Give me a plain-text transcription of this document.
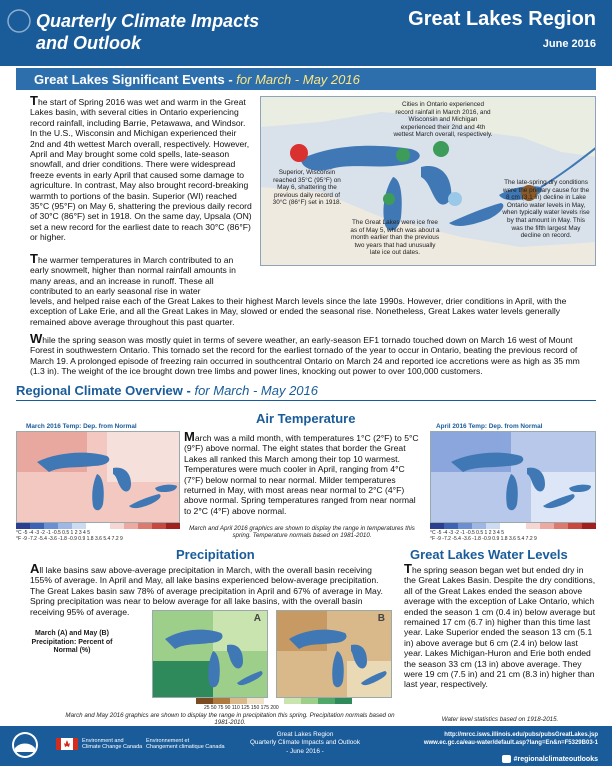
Quarterly Climate Impacts
and Outlook
Great Lakes Region
June 2016
Great Lakes Significant Events - for March - May 2016
The start of Spring 2016 was wet and warm in the Great Lakes basin, with several cities in Ontario experiencing record rainfall, including Barrie, Petawawa, and Windsor. In the U.S., Wisconsin and Michigan experienced their 2nd and 4th wettest March overall, respectively. However, April and May brought some cold spells, late-season snowfall, and drier conditions. There were widespread freeze events in early April that caused some damage to agriculture. In contrast, May also brought record-breaking warmth to portions of the basin. Superior (WI) reached 35°C (95°F) on May 6, shattering the previous daily record of 30°C (86°F) set in 1918. On the same day, Upsala (ON) set a new record for the earliest date to reach 30°C (86°F) or higher.
Cities in Ontario experienced record rainfall in March 2016, and Wisconsin and Michigan experienced their 2nd and 4th wettest March overall, respectively.
Superior, Wisconsin reached 35°C (95°F) on May 6, shattering the previous daily record of 30°C (86°F) set in 1918.
The Great Lakes were ice free as of May 5, which was about a month earlier than the previous two years that had unusually late ice out dates.
The late-spring dry conditions were the primary cause for the 8 cm (3.1 in) decline in Lake Ontario water levels in May, when typically water levels rise by that amount in May. This was the fifth largest May decline on record.
The warmer temperatures in March contributed to an early snowmelt, higher than normal rainfall amounts in many areas, and an increase in runoff. These all contributed to an early seasonal rise in water
levels, and helped raise each of the Great Lakes to their highest March levels since the late 1990s. However, drier conditions in April, with the exception of Lake Erie, and all the Great Lakes in May, slowed or ended the seasonal rise. Nonetheless, Great Lakes water levels generally remained above average throughout this past quarter.
While the spring season was mostly quiet in terms of severe weather, an early-season EF1 tornado touched down on March 16 west of Mount Forest in southwestern Ontario. This tornado set the record for the earliest tornado of the year to occur in Ontario, beating the previous record of March 19. A prolonged episode of freezing rain occurred in southcentral Ontario on March 24 and reported ice accretions were as high as 35 mm (1.3 in). The weight of the ice brought down tree limbs and power lines, knocking out power to over 100,000 customers.
Regional Climate Overview - for March - May 2016
Air Temperature
March 2016 Temp: Dep. from Normal
°C -5 -4 -3 -2 -1 -0.5 0.5 1 2 3 4 5
°F -9 -7.2 -5.4 -3.6 -1.8 -0.9 0.9 1.8 3.6 5.4 7.2 9
March was a mild month, with temperatures 1°C (2°F) to 5°C (9°F) above normal. The eight states that border the Great Lakes all ranked this March among their top 10 warmest. Temperatures were much cooler in April, ranging from 4°C (7°F) below normal to near normal. Milder temperatures returned in May, with most areas near normal to 2°C (4°F) above normal. Spring temperatures ranged from near normal to 2°C (4°F) above normal.
March and April 2016 graphics are shown to display the range in temperatures this spring. Temperature normals based on 1981-2010.
April 2016 Temp: Dep. from Normal
°C -5 -4 -3 -2 -1 -0.5 0.5 1 2 3 4 5
°F -9 -7.2 -5.4 -3.6 -1.8 -0.9 0.9 1.8 3.6 5.4 7.2 9
Precipitation
All lake basins saw above-average precipitation in March, with the overall basin receiving 155% of average. In April and May, all lake basins experienced below-average precipitation. The Great Lakes basin saw 78% of average precipitation in April and 67% of average in May. Spring precipitation was near to below average for all lake basins, with the overall basin receiving 95% of average.
March (A) and May (B) Precipitation: Percent of Normal (%)
A	B
25 50 75 90 110 125 150 175 200
March and May 2016 graphics are shown to display the range in precipitation this spring. Precipitation normals based on 1981-2010.
Great Lakes Water Levels
The spring season began wet but ended dry in the Great Lakes Basin. Despite the dry conditions, all of the Great Lakes ended the season above average with the exception of Lake Ontario, which ended the season 1 cm (0.4 in) below average but remained 17 cm (6.7 in) higher than this time last year. Lake Superior ended the season 13 cm (5.1 in) above average but 6 cm (2.4 in) below last year. Lakes Michigan-Huron and Erie both ended the season 33 cm (13 in) above average. They were 19 cm (7.5 in) and 21 cm (8.3 in) higher than last year, respectively.
Water level statistics based on 1918-2015.
Environment and
Climate Change Canada
Environnement et
Changement climatique Canada
Great Lakes Region
Quarterly Climate Impacts and Outlook
- June 2016 -
http://mrcc.isws.illinois.edu/pubs/pubsGreatLakes.jsp
www.ec.gc.ca/eau-water/default.asp?lang=En&n=F5329B03-1
#regionalclimateoutlooks
